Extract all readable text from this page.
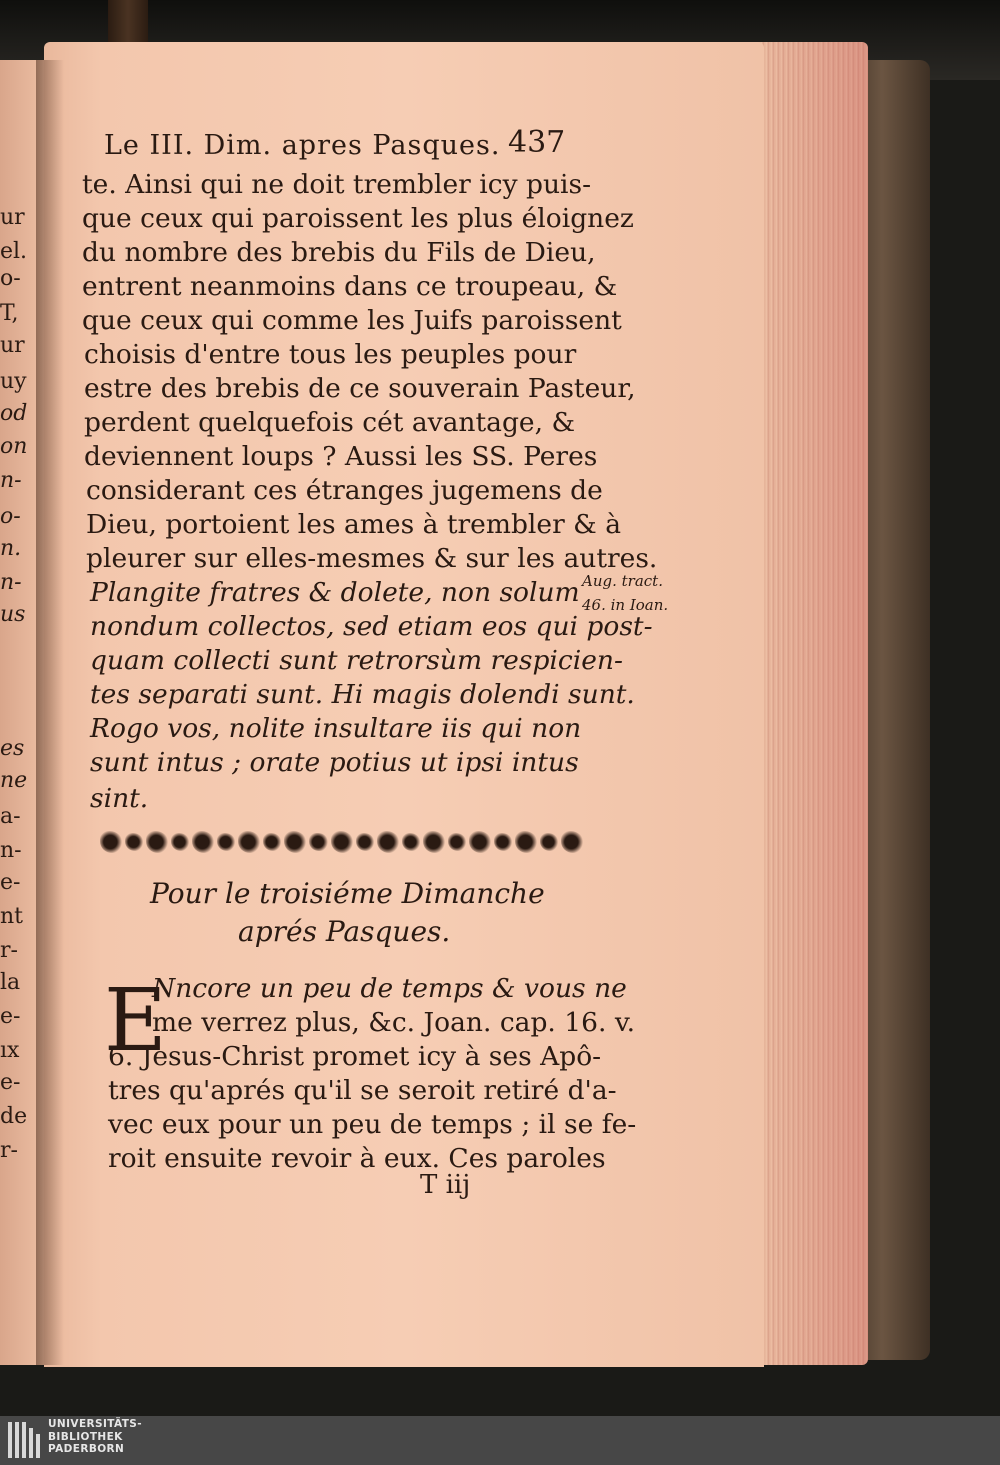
ur
el.
o-
T,
ur
uy
od
on
n-
o-
n.
n-
us
es
ne
a-
n-
e-
nt
r-
la
e-
ıx
e-
de
r-
Le III. Dim. apres Pasques. 437
te. Ainsi qui ne doit trembler icy puis-
que ceux qui paroissent les plus éloignez
du nombre des brebis du Fils de Dieu,
entrent neanmoins dans ce troupeau, &
que ceux qui comme les Juifs paroissent
choisis d'entre tous les peuples pour
estre des brebis de ce souverain Pasteur,
perdent quelquefois cét avantage, &
deviennent loups ? Aussi les SS. Peres
considerant ces étranges jugemens de
Dieu, portoient les ames à trembler & à
pleurer sur elles-mesmes & sur les autres.
Plangite fratres & dolete, non solum
nondum collectos, sed etiam eos qui post-
quam collecti sunt retrorsùm respicien-
tes separati sunt. Hi magis dolendi sunt.
Rogo vos, nolite insultare iis qui non
sunt intus ; orate potius ut ipsi intus
sint.
Aug. tract.
46. in Ioan.
Pour le troisiéme Dimanche
aprés Pasques.
E
Nncore un peu de temps & vous ne
me verrez plus, &c. Joan. cap. 16. v.
6. Jesus-Christ promet icy à ses Apô-
tres qu'aprés qu'il se seroit retiré d'a-
vec eux pour un peu de temps ; il se fe-
roit ensuite revoir à eux. Ces paroles
T iij
UNIVERSITÄTS-
BIBLIOTHEK
PADERBORN
